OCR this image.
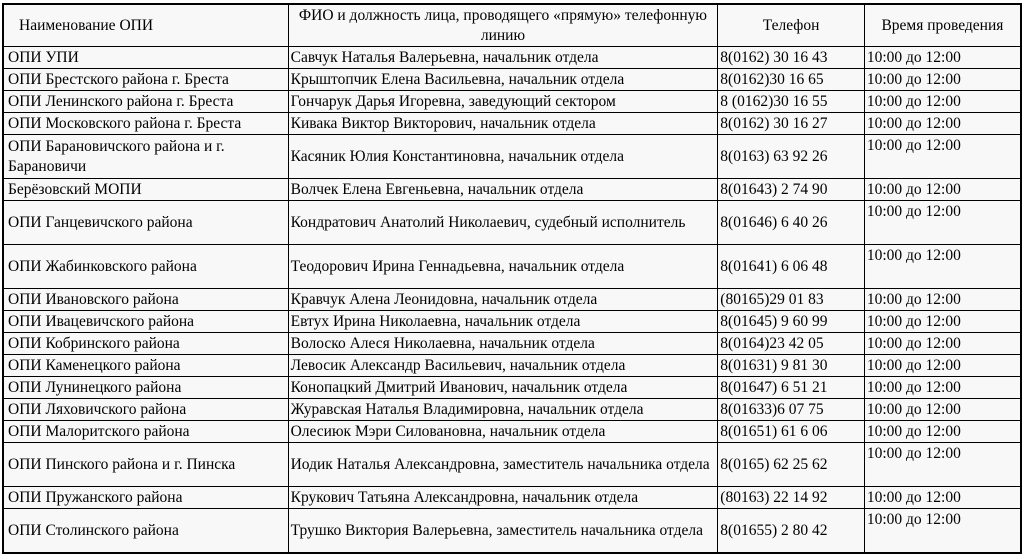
Наименование ОПИ	ФИО и должность лица, проводящего «прямую» телефонную линию	Телефон	Время проведения
ОПИ УПИ	Савчук Наталья Валерьевна, начальник отдела	8(0162) 30 16 43	10:00 до 12:00
ОПИ Брестского района г. Бреста	Крыштопчик Елена Васильевна, начальник отдела	8(0162)30 16 65	10:00 до 12:00
ОПИ Ленинского района г. Бреста	Гончарук Дарья Игоревна, заведующий сектором	8 (0162)30 16 55	10:00 до 12:00
ОПИ Московского района г. Бреста	Кивака Виктор Викторович, начальник отдела	8(0162) 30 16 27	10:00 до 12:00
ОПИ Барановичского района и г. Барановичи	Касяник Юлия Константиновна, начальник отдела	8(0163) 63 92 26	10:00 до 12:00
Берёзовский МОПИ	Волчек Елена Евгеньевна, начальник отдела	8(01643) 2 74 90	10:00 до 12:00
ОПИ Ганцевичского района	Кондратович Анатолий Николаевич, судебный исполнитель	8(01646) 6 40 26	10:00 до 12:00
ОПИ Жабинковского района	Теодорович Ирина Геннадьевна, начальник отдела	8(01641) 6 06 48	10:00 до 12:00
ОПИ Ивановского района	Кравчук Алена Леонидовна, начальник отдела	(80165)29 01 83	10:00 до 12:00
ОПИ Ивацевичского района	Евтух Ирина Николаевна, начальник отдела	8(01645) 9 60 99	10:00 до 12:00
ОПИ Кобринского района	Волоско Алеся Николаевна, начальник отдела	8(0164)23 42 05	10:00 до 12:00
ОПИ Каменецкого района	Левосик Александр Васильевич, начальник отдела	8(01631) 9 81 30	10:00 до 12:00
ОПИ Лунинецкого района	Конопацкий Дмитрий Иванович, начальник отдела	8(01647) 6 51 21	10:00 до 12:00
ОПИ Ляховичского района	Журавская Наталья Владимировна, начальник отдела	8(01633)6 07 75	10:00 до 12:00
ОПИ Малоритского района	Олесиюк Мэри Силовановна, начальник отдела	8(01651) 61 6 06	10:00 до 12:00
ОПИ Пинского района и г. Пинска	Иодик Наталья Александровна, заместитель начальника отдела	8(0165) 62 25 62	10:00 до 12:00
ОПИ Пружанского района	Крукович Татьяна Александровна, начальник отдела	(80163) 22 14 92	10:00 до 12:00
ОПИ Столинского района	Трушко Виктория Валерьевна, заместитель начальника отдела	8(01655) 2 80 42	10:00 до 12:00
